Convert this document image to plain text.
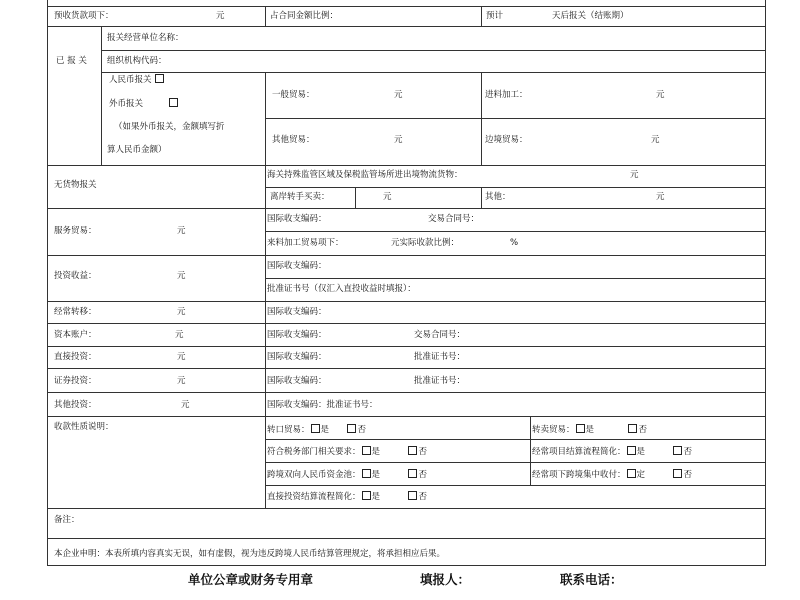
预收货款项下：	元	占合同金额比例：	预计	天后报关（结账期）
已 报 关
报关经营单位名称：
组织机构代码：
人民币报关
外币报关
（如果外币报关，金额填写折
算人民币金额）
一般贸易：	元	进料加工：	元
其他贸易：	元	边境贸易：	元
无货物报关
海关持殊监管区域及保税监管场所进出境物流货物：	元
离岸转手买卖：	元	其他：	元
服务贸易：	元
国际收支编码：	交易合同号：
来料加工贸易项下：	元实际收款比例：	%
投资收益：	元
国际收支编码：
批准证书号（仅汇入直投收益时填报）：
经常转移：	元	国际收支编码：
资本账户：	元	国际收支编码：	交易合同号：
直接投资：	元	国际收支编码：	批准证书号：
证券投资：	元	国际收支编码：	批准证书号：
其他投资：	元	国际收支编码：批准证书号：
收款性质说明：	转口贸易： 是	否	转卖贸易： 是	否
符合税务部门相关要求： 是	否	经常项目结算流程简化： 是	否
跨境双向人民币资金池： 是	否	经常项下跨境集中收付： 定	否
直接投资结算流程简化： 是	否
备注：
本企业申明：本表所填内容真实无误，如有虚假，视为违反跨境人民币结算管理规定，将承担相应后果。
单位公章或财务专用章	填报人：	联系电话：
